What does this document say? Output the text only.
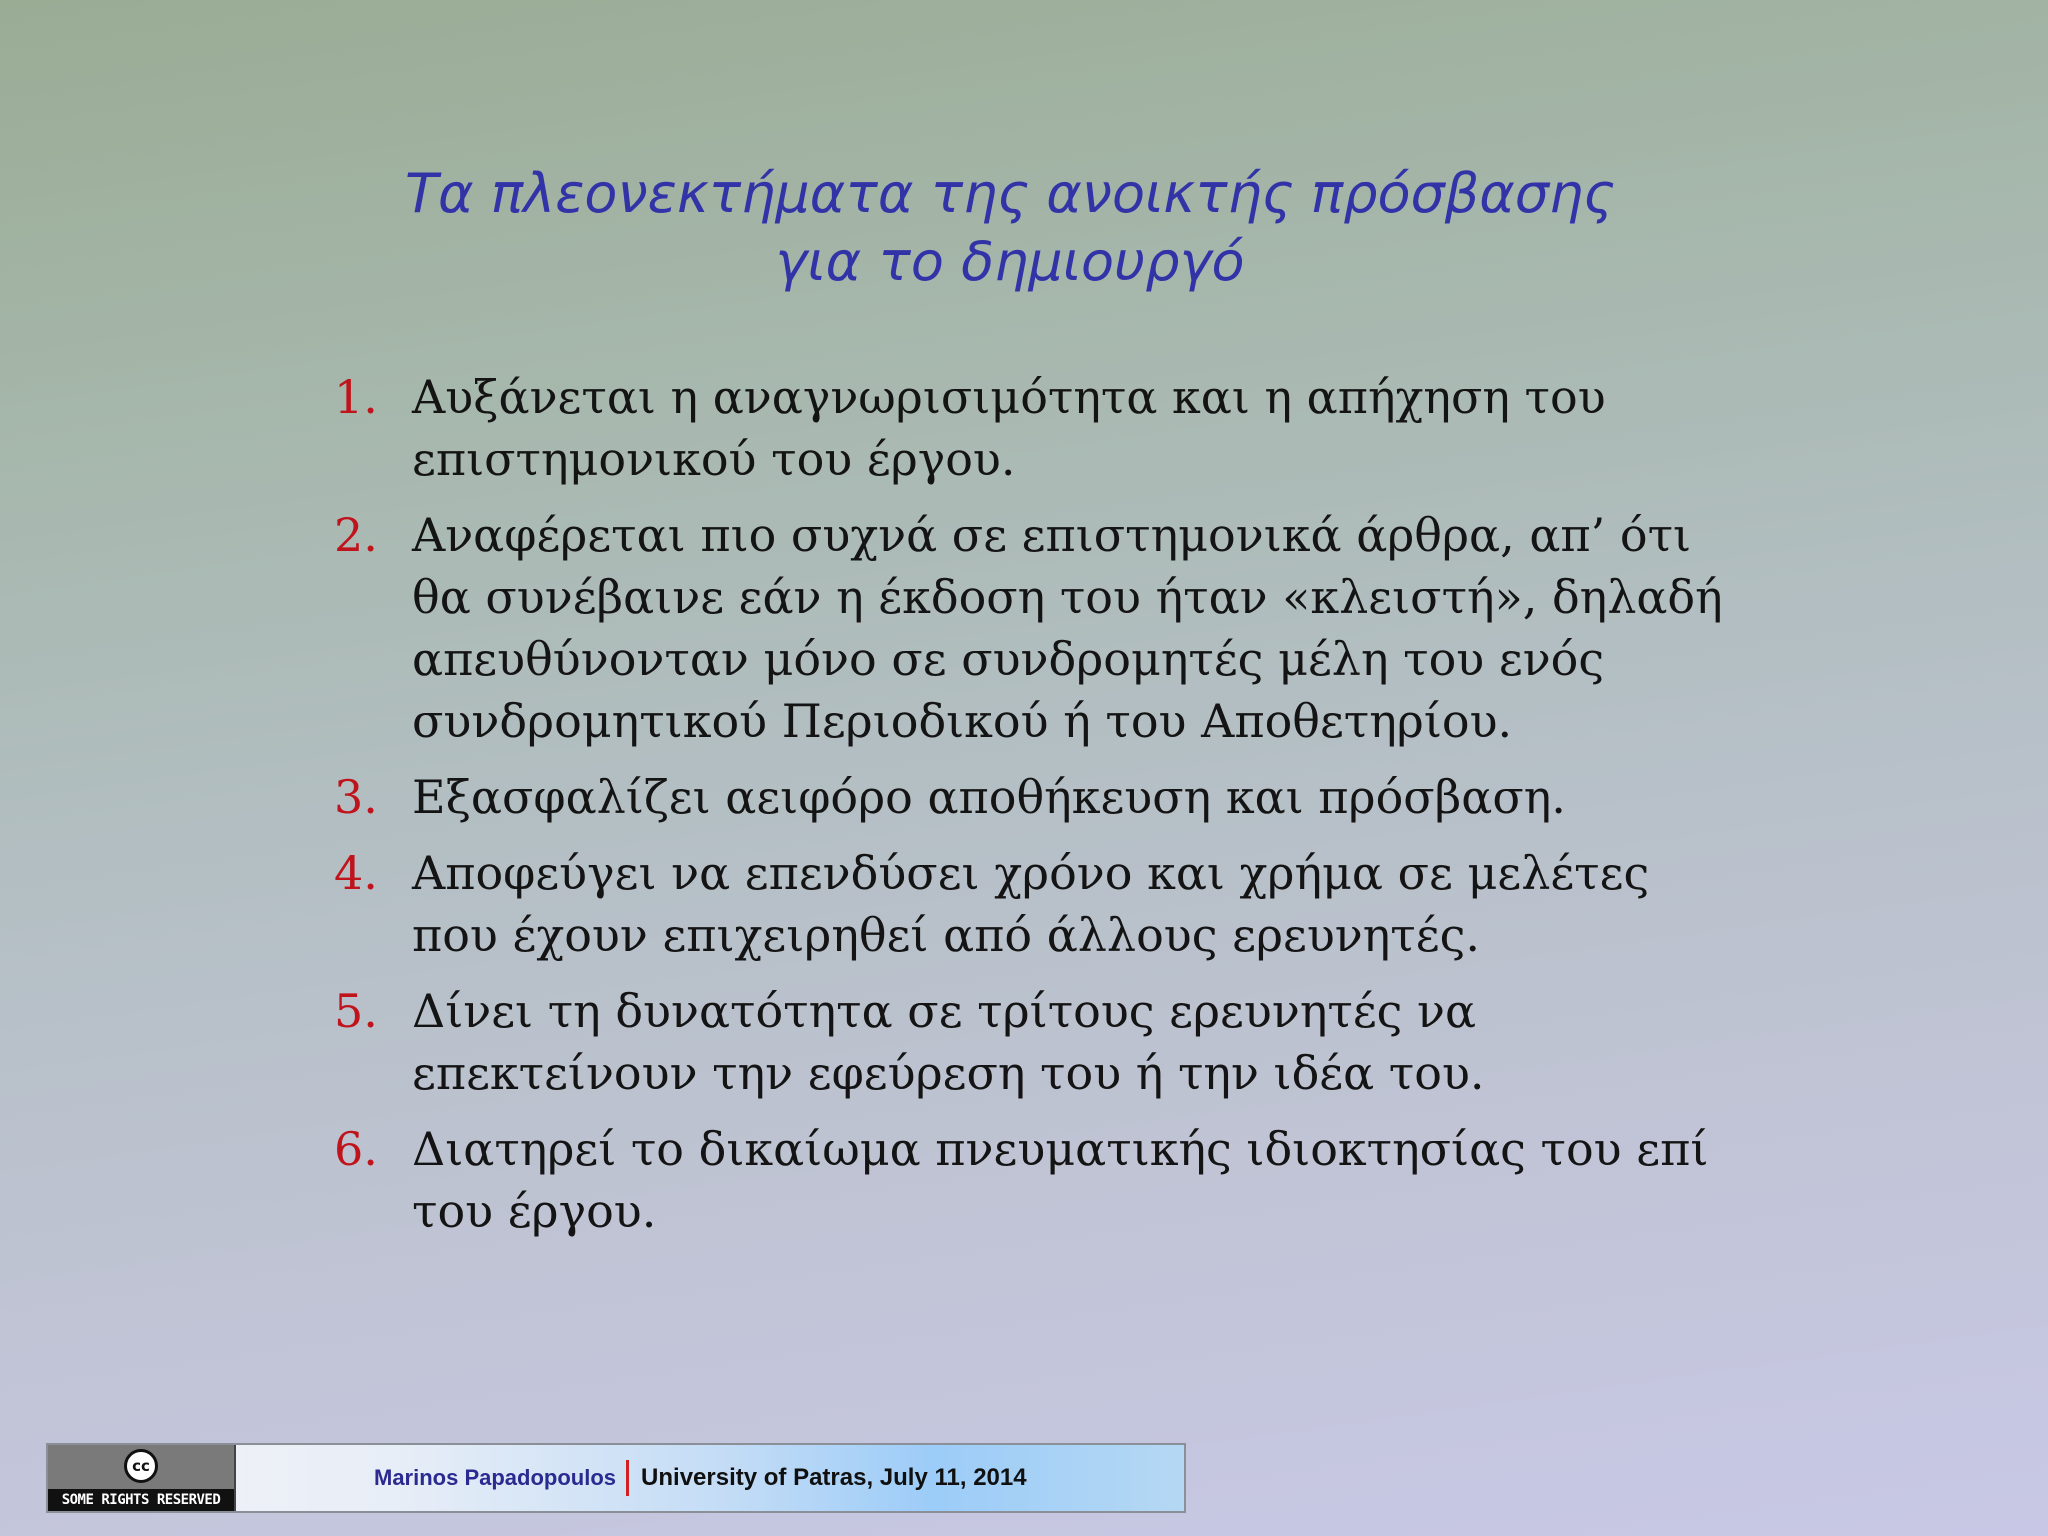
Τα πλεονεκτήματα της ανοικτής πρόσβασης
για το δημιουργό
1. Αυξάνεται η αναγνωρισιμότητα και η απήχηση του επιστημονικού του έργου.
2. Αναφέρεται πιο συχνά σε επιστημονικά άρθρα, απ’ ότι θα συνέβαινε εάν η έκδοση του ήταν «κλειστή», δηλαδή απευθύνονταν μόνο σε συνδρομητές μέλη του ενός συνδρομητικού Περιοδικού ή του Αποθετηρίου.
3. Εξασφαλίζει αειφόρο αποθήκευση και πρόσβαση.
4. Αποφεύγει να επενδύσει χρόνο και χρήμα σε μελέτες που έχουν επιχειρηθεί από άλλους ερευνητές.
5. Δίνει τη δυνατότητα σε τρίτους ερευνητές να επεκτείνουν την εφεύρεση του ή την ιδέα του.
6. Διατηρεί το δικαίωμα πνευματικής ιδιοκτησίας του επί του έργου.
cc
SOME RIGHTS RESERVED
Marinos Papadopoulos University of Patras, July 11, 2014
